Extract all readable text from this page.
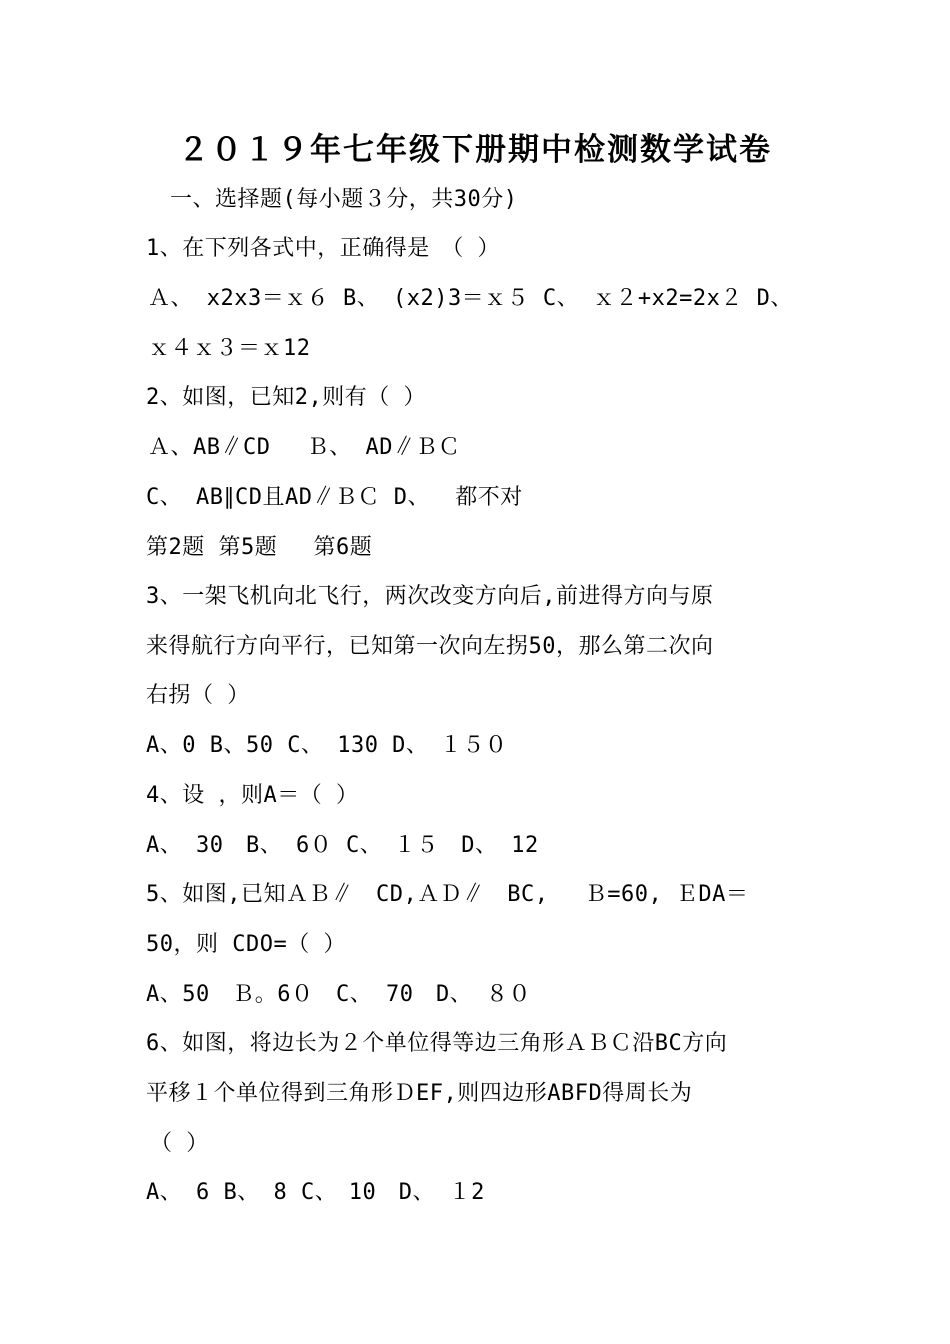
２０１９年七年级下册期中检测数学试卷
一、选择题(每小题３分，共30分)
1、在下列各式中，正确得是　（ ）
Ａ、 x2x3＝ｘ６ B、 (x2)3＝ｘ５ C、 ｘ２+x2=2x２ D、
ｘ４ｘ３＝ｘ12
2、如图，已知2,则有（ ）
Ａ、AB∥CD　 Ｂ、 AD∥ＢＣ
C、 AB∥CD且AD∥ＢＣ D、　 都不对
第2题 第5题　 第6题
3、一架飞机向北飞行，两次改变方向后,前进得方向与原
来得航行方向平行，已知第一次向左拐50，那么第二次向
右拐（ ）
A、0 B、50 C、 130 D、　１５０
4、设 ，则A＝（ ）
A、 30　B、 6０ C、　１５　D、 12
5、如图,已知ＡＢ∥　CD,ＡＤ∥　BC,　 Ｂ=60, ＥDA＝
50，则 CDO=（ ）
A、50　Ｂ。6０　C、 70　D、 ８０
6、如图，将边长为２个单位得等边三角形ＡＢＣ沿BC方向
平移１个单位得到三角形ＤEF,则四边形ABFD得周长为
（ ）
A、 6 B、 8 C、　10　D、 １2
